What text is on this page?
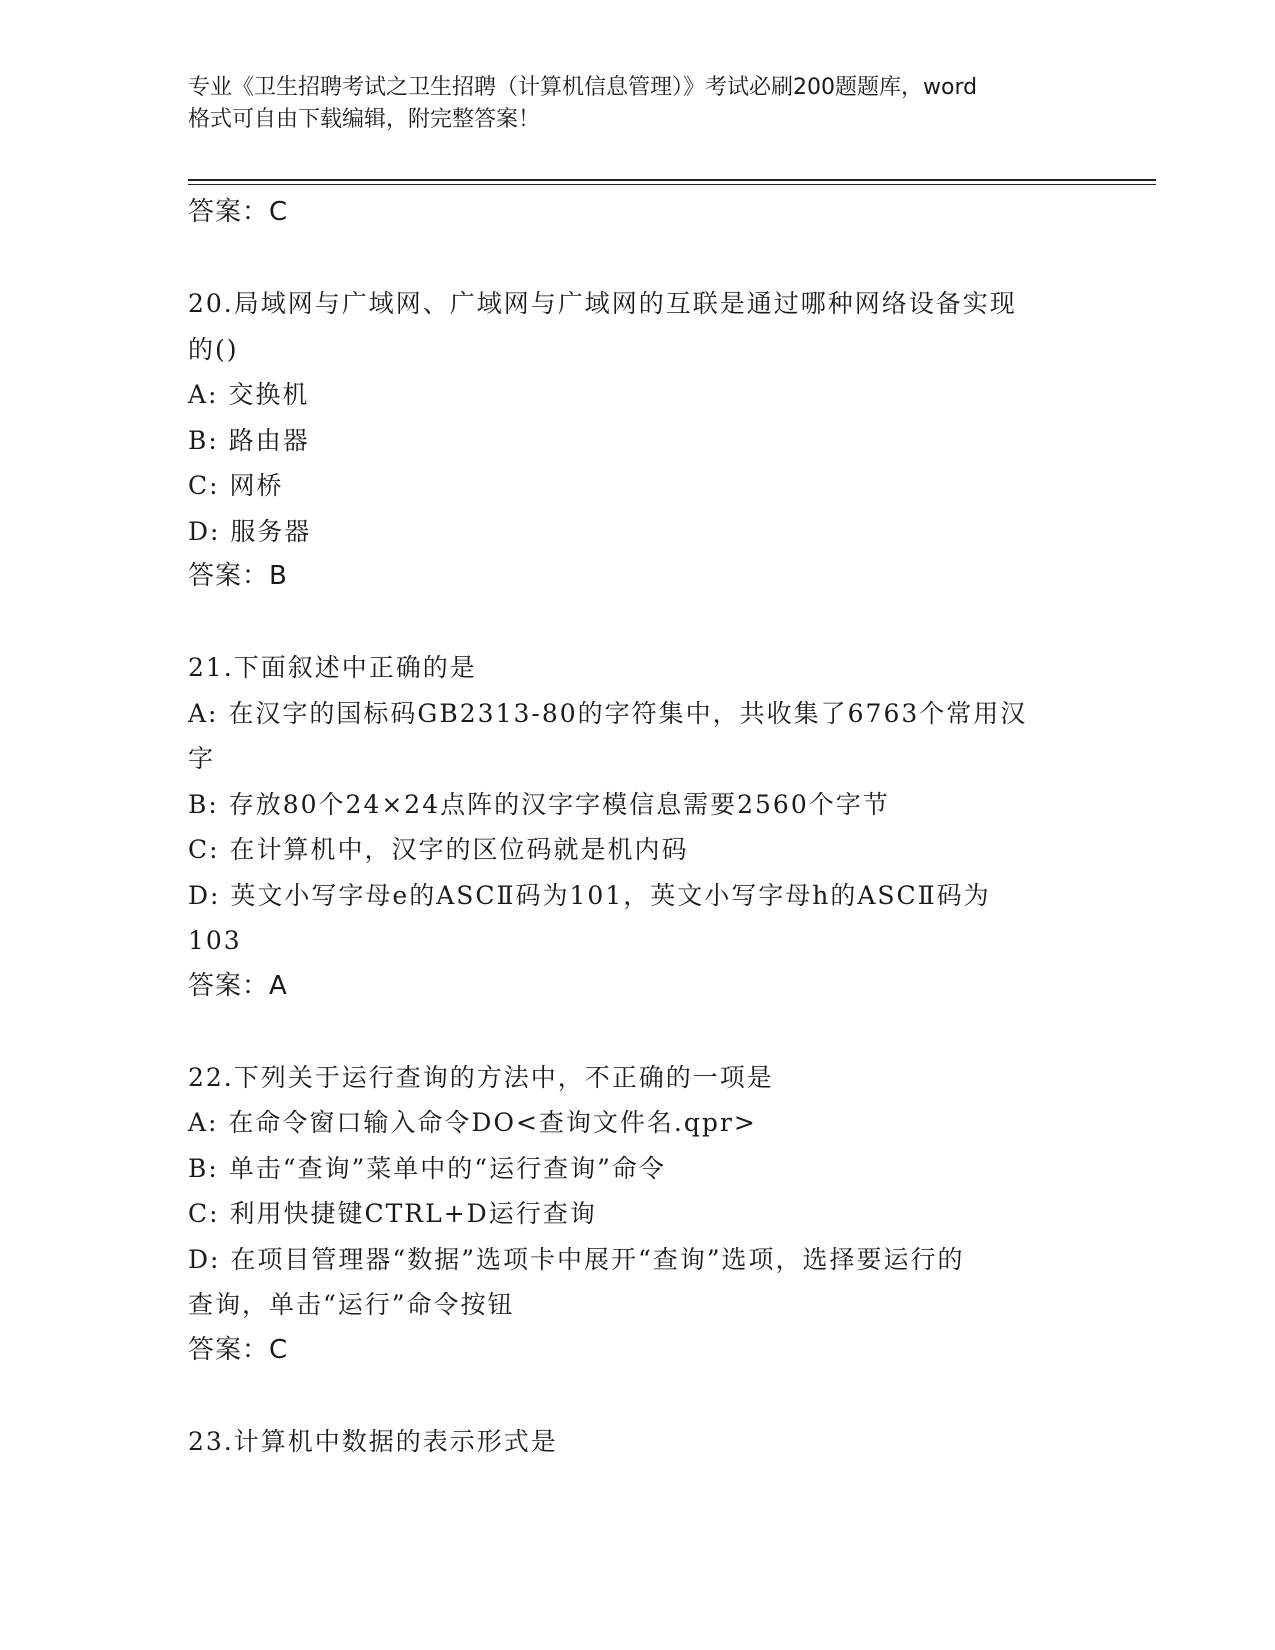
专业《卫生招聘考试之卫生招聘（计算机信息管理）》考试必刷200题题库，word
格式可自由下载编辑，附完整答案！
答案：C
20.局域网与广域网、广域网与广域网的互联是通过哪种网络设备实现
的()
A: 交换机
B: 路由器
C: 网桥
D: 服务器
答案：B
21.下面叙述中正确的是
A: 在汉字的国标码GB2313-80的字符集中，共收集了6763个常用汉
字
B: 存放80个24×24点阵的汉字字模信息需要2560个字节
C: 在计算机中，汉字的区位码就是机内码
D: 英文小写字母e的ASCⅡ码为101，英文小写字母h的ASCⅡ码为
103
答案：A
22.下列关于运行查询的方法中，不正确的一项是
A: 在命令窗口输入命令DO<查询文件名.qpr>
B: 单击“查询”菜单中的“运行查询”命令
C: 利用快捷键CTRL+D运行查询
D: 在项目管理器“数据”选项卡中展开“查询”选项，选择要运行的
查询，单击“运行”命令按钮
答案：C
23.计算机中数据的表示形式是
